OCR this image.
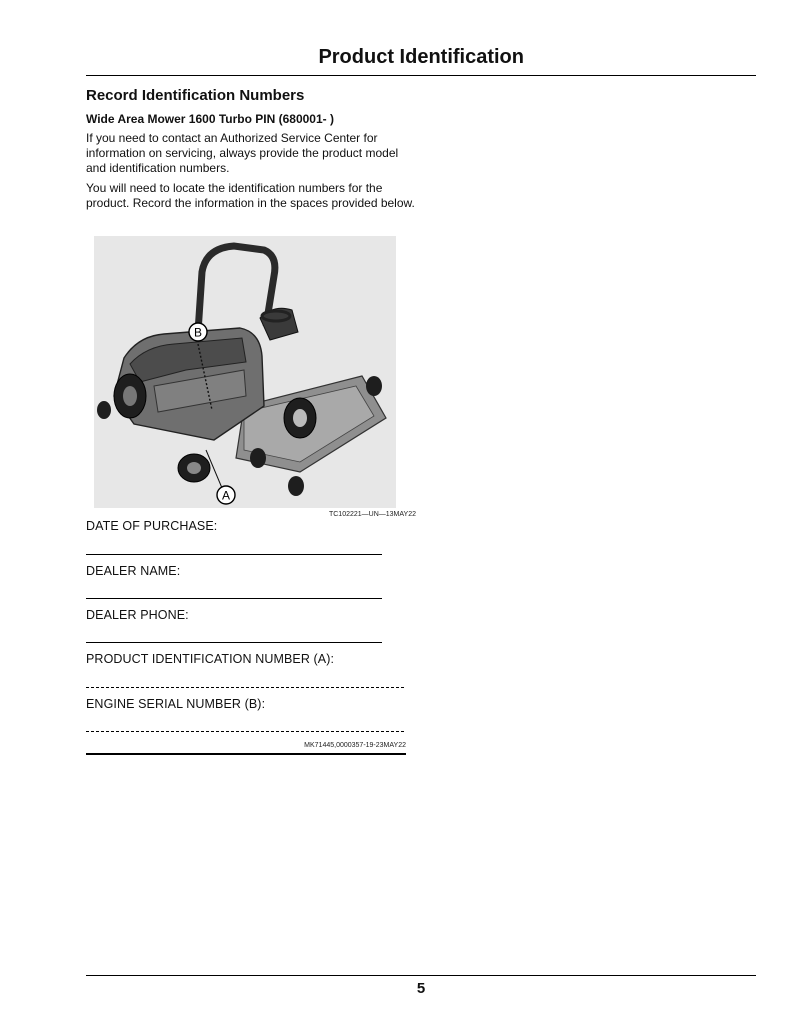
Product Identification
Record Identification Numbers
Wide Area Mower 1600 Turbo PIN (680001- )

If you need to contact an Authorized Service Center for information on servicing, always provide the product model and identification numbers.

You will need to locate the identification numbers for the product. Record the information in the spaces provided below.

B
A
TC102221—UN—13MAY22
DATE OF PURCHASE:
DEALER NAME:
DEALER PHONE:
PRODUCT IDENTIFICATION NUMBER (A):
ENGINE SERIAL NUMBER (B):
MK71445,0000357-19-23MAY22
5
